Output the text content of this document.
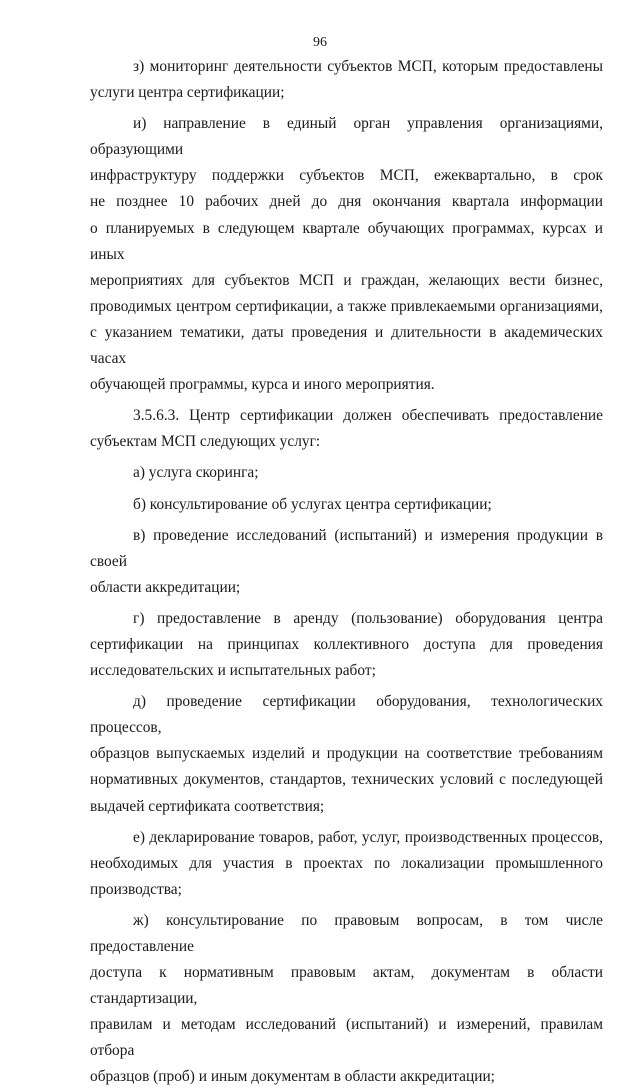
96

з) мониторинг деятельности субъектов МСП, которым предоставлены
услуги центра сертификации;

и) направление в единый орган управления организациями, образующими
инфраструктуру поддержки субъектов МСП, ежеквартально, в срок
не позднее 10 рабочих дней до дня окончания квартала информации
о планируемых в следующем квартале обучающих программах, курсах и иных
мероприятиях для субъектов МСП и граждан, желающих вести бизнес,
проводимых центром сертификации, а также привлекаемыми организациями,
с указанием тематики, даты проведения и длительности в академических часах
обучающей программы, курса и иного мероприятия.

3.5.6.3. Центр сертификации должен обеспечивать предоставление
субъектам МСП следующих услуг:

а) услуга скоринга;

б) консультирование об услугах центра сертификации;

в) проведение исследований (испытаний) и измерения продукции в своей
области аккредитации;

г) предоставление в аренду (пользование) оборудования центра
сертификации на принципах коллективного доступа для проведения
исследовательских и испытательных работ;

д) проведение сертификации оборудования, технологических процессов,
образцов выпускаемых изделий и продукции на соответствие требованиям
нормативных документов, стандартов, технических условий с последующей
выдачей сертификата соответствия;

е) декларирование товаров, работ, услуг, производственных процессов,
необходимых для участия в проектах по локализации промышленного
производства;

ж) консультирование по правовым вопросам, в том числе предоставление
доступа к нормативным правовым актам, документам в области стандартизации,
правилам и методам исследований (испытаний) и измерений, правилам отбора
образцов (проб) и иным документам в области аккредитации;
